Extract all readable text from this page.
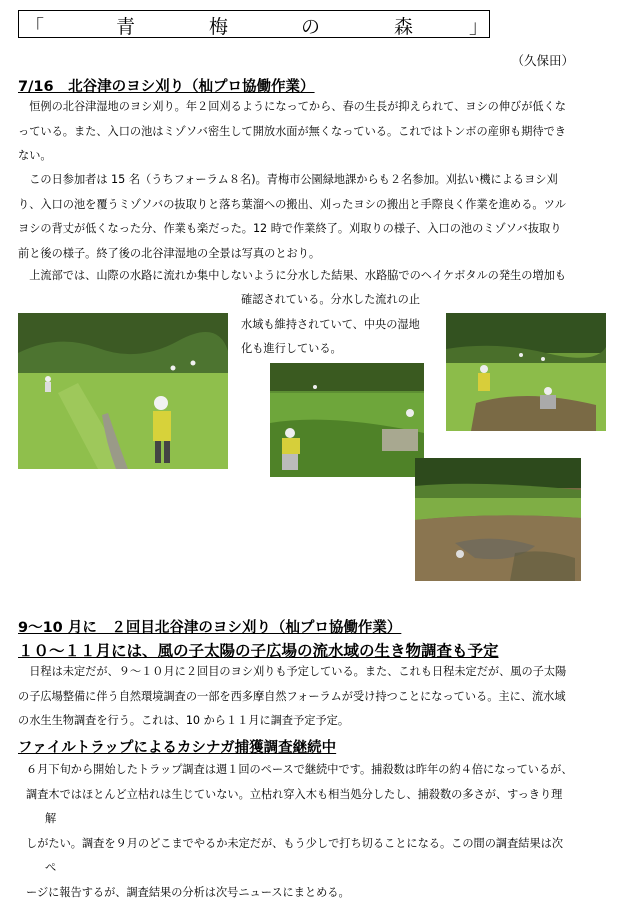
「	青	梅	の	森	」
（久保田）
7/16　北谷津のヨシ刈り（杣プロ協働作業）
　恒例の北谷津湿地のヨシ刈り。年２回刈るようになってから、春の生長が抑えられて、ヨシの伸びが低くな
っている。また、入口の池はミゾソバ密生して開放水面が無くなっている。これではトンボの産卵も期待でき
ない。
　この日参加者は 15 名（うちフォーラム８名)。青梅市公園緑地課からも２名参加。刈払い機によるヨシ刈
り、入口の池を覆うミゾソバの抜取りと落ち葉溜への搬出、刈ったヨシの搬出と手際良く作業を進める。ツル
ヨシの背丈が低くなった分、作業も楽だった。12 時で作業終了。刈取りの様子、入口の池のミゾソバ抜取り
前と後の様子。終了後の北谷津湿地の全景は写真のとおり。
　上流部では、山際の水路に流れか集中しないように分水した結果、水路脇でのヘイケボタルの発生の増加も
確認されている。分水した流れの止
水域も維持されていて、中央の湿地
化も進行している。
9～10 月に　２回目北谷津のヨシ刈り（杣プロ協働作業）
１０～１１月には、風の子太陽の子広場の流水域の生き物調査も予定
　日程は未定だが、９～１０月に２回目のヨシ刈りも予定している。また、これも日程未定だが、風の子太陽
の子広場整備に伴う自然環境調査の一部を西多摩自然フォーラムが受け持つことになっている。主に、流水域
の水生生物調査を行う。これは、10 から１１月に調査予定予定。
ファイルトラップによるカシナガ捕獲調査継続中
６月下旬から開始したトラップ調査は週１回のペースで継続中です。捕殺数は昨年の約４倍になっているが、
調査木ではほとんど立枯れは生じていない。立枯れ穿入木も相当処分したし、捕殺数の多さが、すっきり理
解
しがたい。調査を９月のどこまでやるか未定だが、もう少しで打ち切ることになる。この間の調査結果は次
ぺ
ージに報告するが、調査結果の分析は次号ニュースにまとめる。
